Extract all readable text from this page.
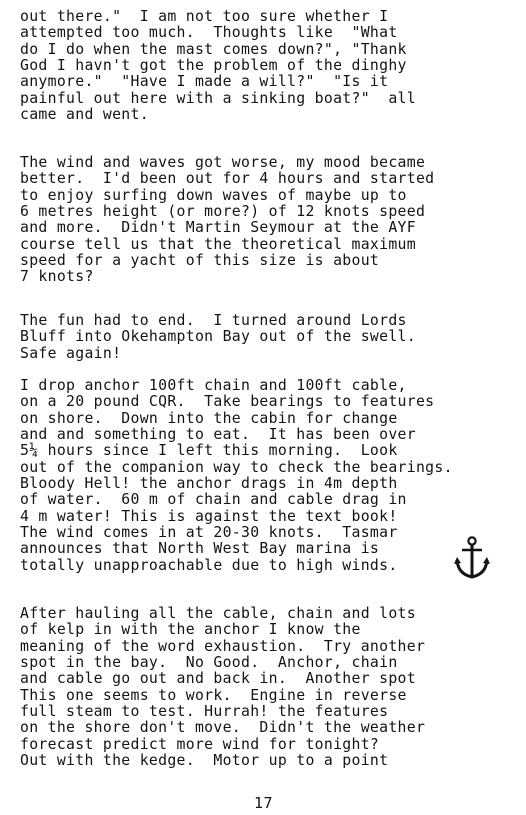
out there."  I am not too sure whether I
attempted too much.  Thoughts like  "What
do I do when the mast comes down?", "Thank
God I havn't got the problem of the dinghy
anymore."  "Have I made a will?"  "Is it
painful out here with a sinking boat?"  all
came and went.
The wind and waves got worse, my mood became
better.  I'd been out for 4 hours and started
to enjoy surfing down waves of maybe up to
6 metres height (or more?) of 12 knots speed
and more.  Didn't Martin Seymour at the AYF
course tell us that the theoretical maximum
speed for a yacht of this size is about
7 knots?
The fun had to end.  I turned around Lords
Bluff into Okehampton Bay out of the swell.
Safe again!
I drop anchor 100ft chain and 100ft cable,
on a 20 pound CQR.  Take bearings to features
on shore.  Down into the cabin for change
and and something to eat.  It has been over
5¼ hours since I left this morning.  Look
out of the companion way to check the bearings.
Bloody Hell! the anchor drags in 4m depth
of water.  60 m of chain and cable drag in
4 m water! This is against the text book!
The wind comes in at 20-30 knots.  Tasmar
announces that North West Bay marina is
totally unapproachable due to high winds.
After hauling all the cable, chain and lots
of kelp in with the anchor I know the
meaning of the word exhaustion.  Try another
spot in the bay.  No Good.  Anchor, chain
and cable go out and back in.  Another spot
This one seems to work.  Engine in reverse
full steam to test. Hurrah! the features
on the shore don't move.  Didn't the weather
forecast predict more wind for tonight?
Out with the kedge.  Motor up to a point
17
